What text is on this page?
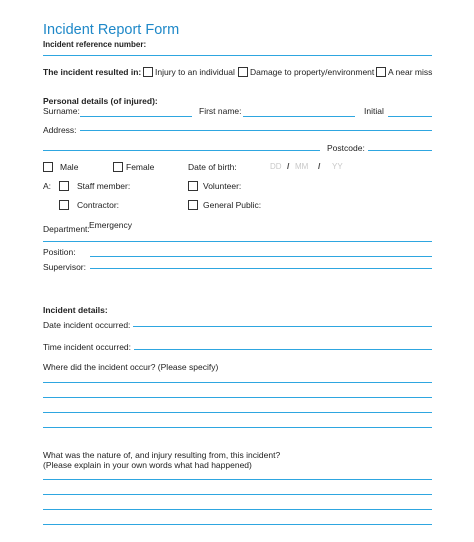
Incident Report Form
Incident reference number:
The incident resulted in: Injury to an individual Damage to property/environment A near miss
Personal details (of injured):
Surname:	First name:	Initial
Address:
Postcode:
Male	Female	Date of birth:	DD / MM / YY
A:	Staff member:	Volunteer:
Contractor:	General Public:
Department: Emergency
Position:
Supervisor:
Incident details:
Date incident occurred:
Time incident occurred:
Where did the incident occur? (Please specify)
What was the nature of, and injury resulting from, this incident?
(Please explain in your own words what had happened)
